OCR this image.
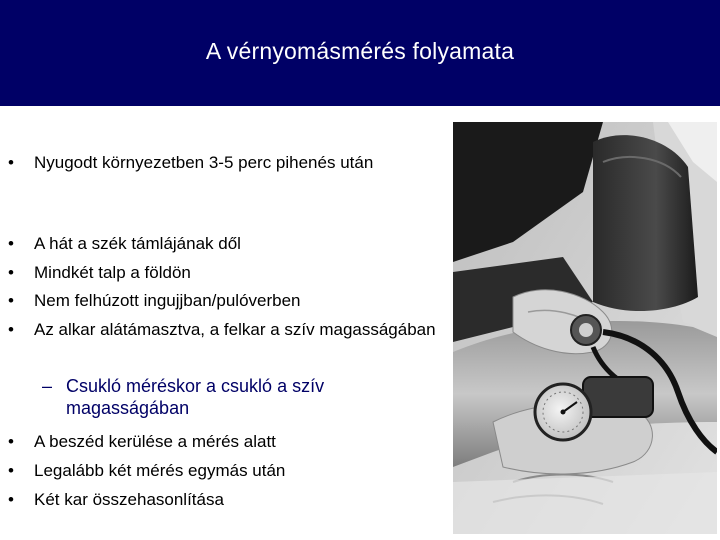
A vérnyomásmérés folyamata
• Nyugodt környezetben 3-5 perc pihenés után
• A hát a szék támlájának dől
• Mindkét talp a földön
• Nem felhúzott ingujjban/pulóverben
• Az alkar alátámasztva, a felkar a szív magasságában
– Csukló méréskor a csukló a szív magasságában
• A beszéd kerülése a mérés alatt
• Legalább két mérés egymás után
• Két kar összehasonlítása
